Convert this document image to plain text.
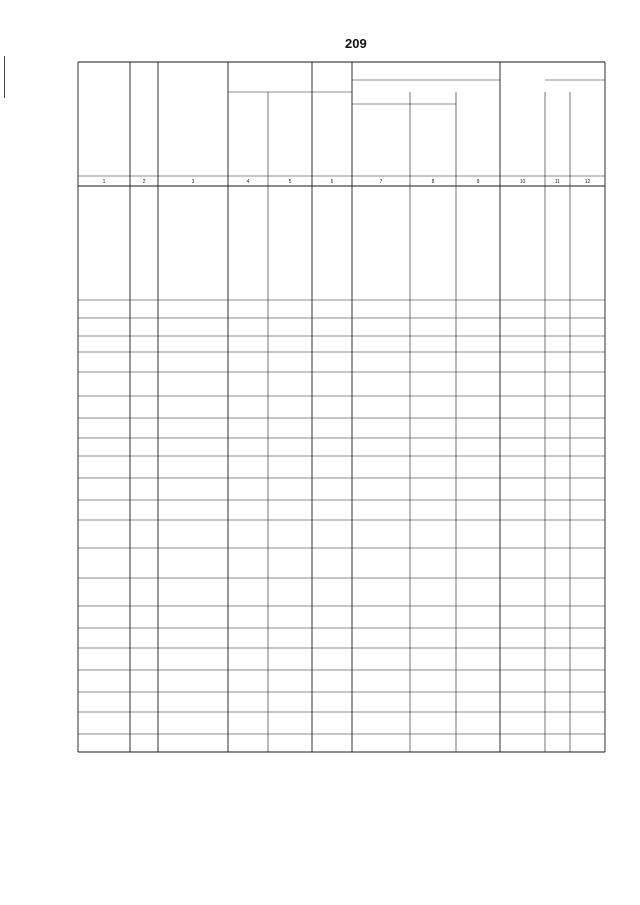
209
1	2	3	4	5	6	7	8	9	10	11	12
